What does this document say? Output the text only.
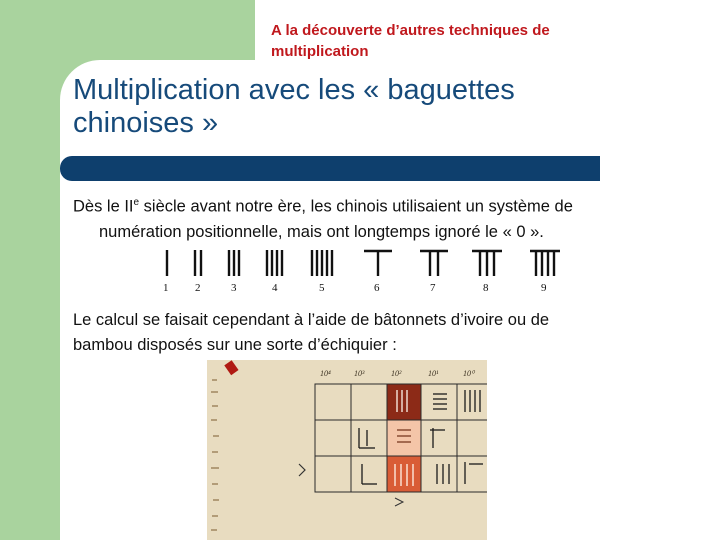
A la découverte d’autres techniques de
multiplication
Multiplication avec les « baguettes
chinoises »
Dès le IIe siècle avant notre ère, les chinois utilisaient un système de
numération positionnelle, mais ont longtemps ignoré le « 0 ».
1 2	3	4	5	6	7	8	9
Le calcul se faisait cependant à l’aide de bâtonnets d’ivoire ou de
bambou disposés sur une sorte d’échiquier :
10⁴	10³	10²	10¹	10⁰
